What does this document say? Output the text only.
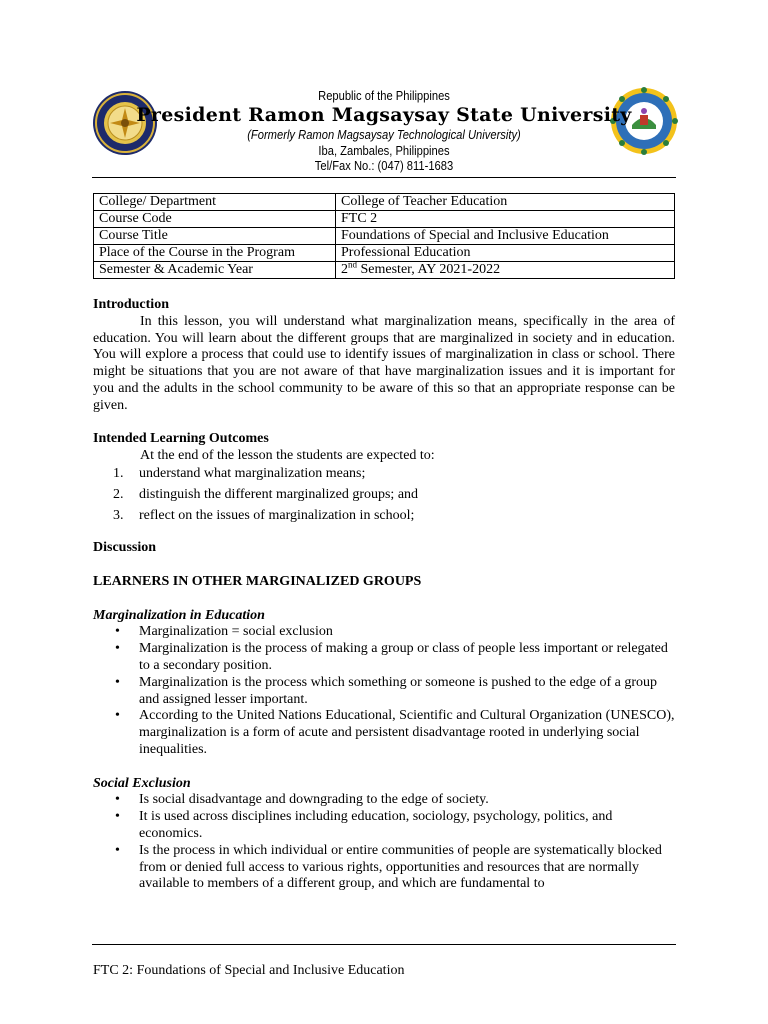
Republic of the Philippines
President Ramon Magsaysay State University
(Formerly Ramon Magsaysay Technological University)
Iba, Zambales, Philippines
Tel/Fax No.: (047) 811-1683
College/ Department	College of Teacher Education
Course Code	FTC 2
Course Title	Foundations of Special and Inclusive Education
Place of the Course in the Program	Professional Education
Semester & Academic Year	2nd Semester, AY 2021-2022

Introduction

In this lesson, you will understand what marginalization means, specifically in the area of education. You will learn about the different groups that are marginalized in society and in education. You will explore a process that could use to identify issues of marginalization in class or school. There might be situations that you are not aware of that have marginalization issues and it is important for you and the adults in the school community to be aware of this so that an appropriate response can be given.

Intended Learning Outcomes

At the end of the lesson the students are expected to:

1. understand what marginalization means;
2. distinguish the different marginalized groups; and
3. reflect on the issues of marginalization in school;

Discussion

LEARNERS IN OTHER MARGINALIZED GROUPS

Marginalization in Education

• Marginalization = social exclusion
• Marginalization is the process of making a group or class of people less important or relegated to a secondary position.
• Marginalization is the process which something or someone is pushed to the edge of a group and assigned lesser important.
• According to the United Nations Educational, Scientific and Cultural Organization (UNESCO), marginalization is a form of acute and persistent disadvantage rooted in underlying social inequalities.

Social Exclusion

• Is social disadvantage and downgrading to the edge of society.
• It is used across disciplines including education, sociology, psychology, politics, and economics.
• Is the process in which individual or entire communities of people are systematically blocked from or denied full access to various rights, opportunities and resources that are normally available to members of a different group, and which are fundamental to
FTC 2: Foundations of Special and Inclusive Education
